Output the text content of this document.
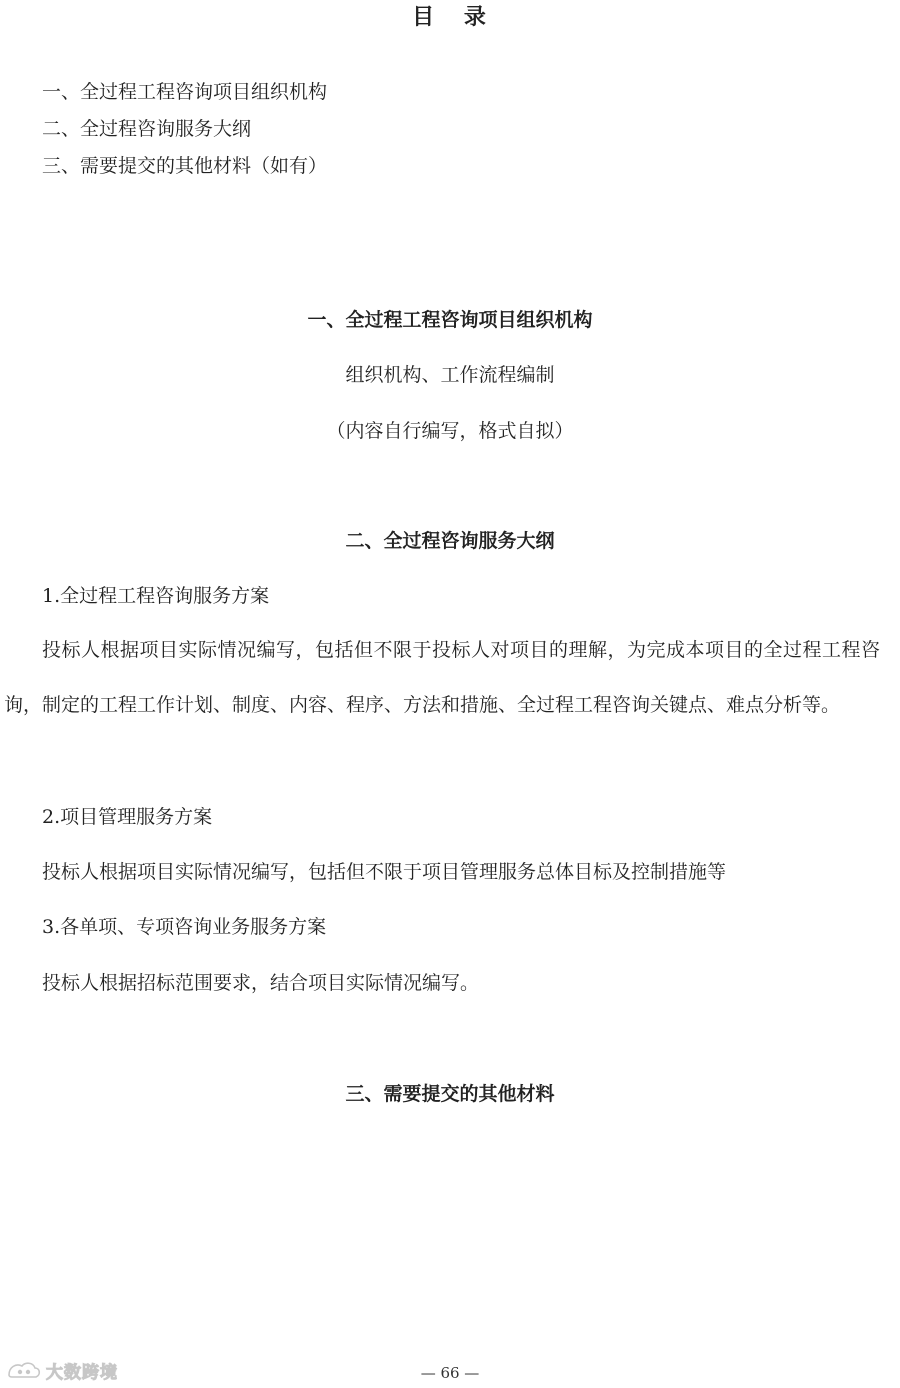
目 录
一、全过程工程咨询项目组织机构
二、全过程咨询服务大纲
三、需要提交的其他材料（如有）
一、全过程工程咨询项目组织机构
组织机构、工作流程编制
（内容自行编写，格式自拟）
二、全过程咨询服务大纲
1.全过程工程咨询服务方案

投标人根据项目实际情况编写，包括但不限于投标人对项目的理解，为完成本项目的全过程工程咨询，制定的工程工作计划、制度、内容、程序、方法和措施、全过程工程咨询关键点、难点分析等。

2.项目管理服务方案
投标人根据项目实际情况编写，包括但不限于项目管理服务总体目标及控制措施等
3.各单项、专项咨询业务服务方案
投标人根据招标范围要求，结合项目实际情况编写。
三、需要提交的其他材料
— 66 —
大数跨境
